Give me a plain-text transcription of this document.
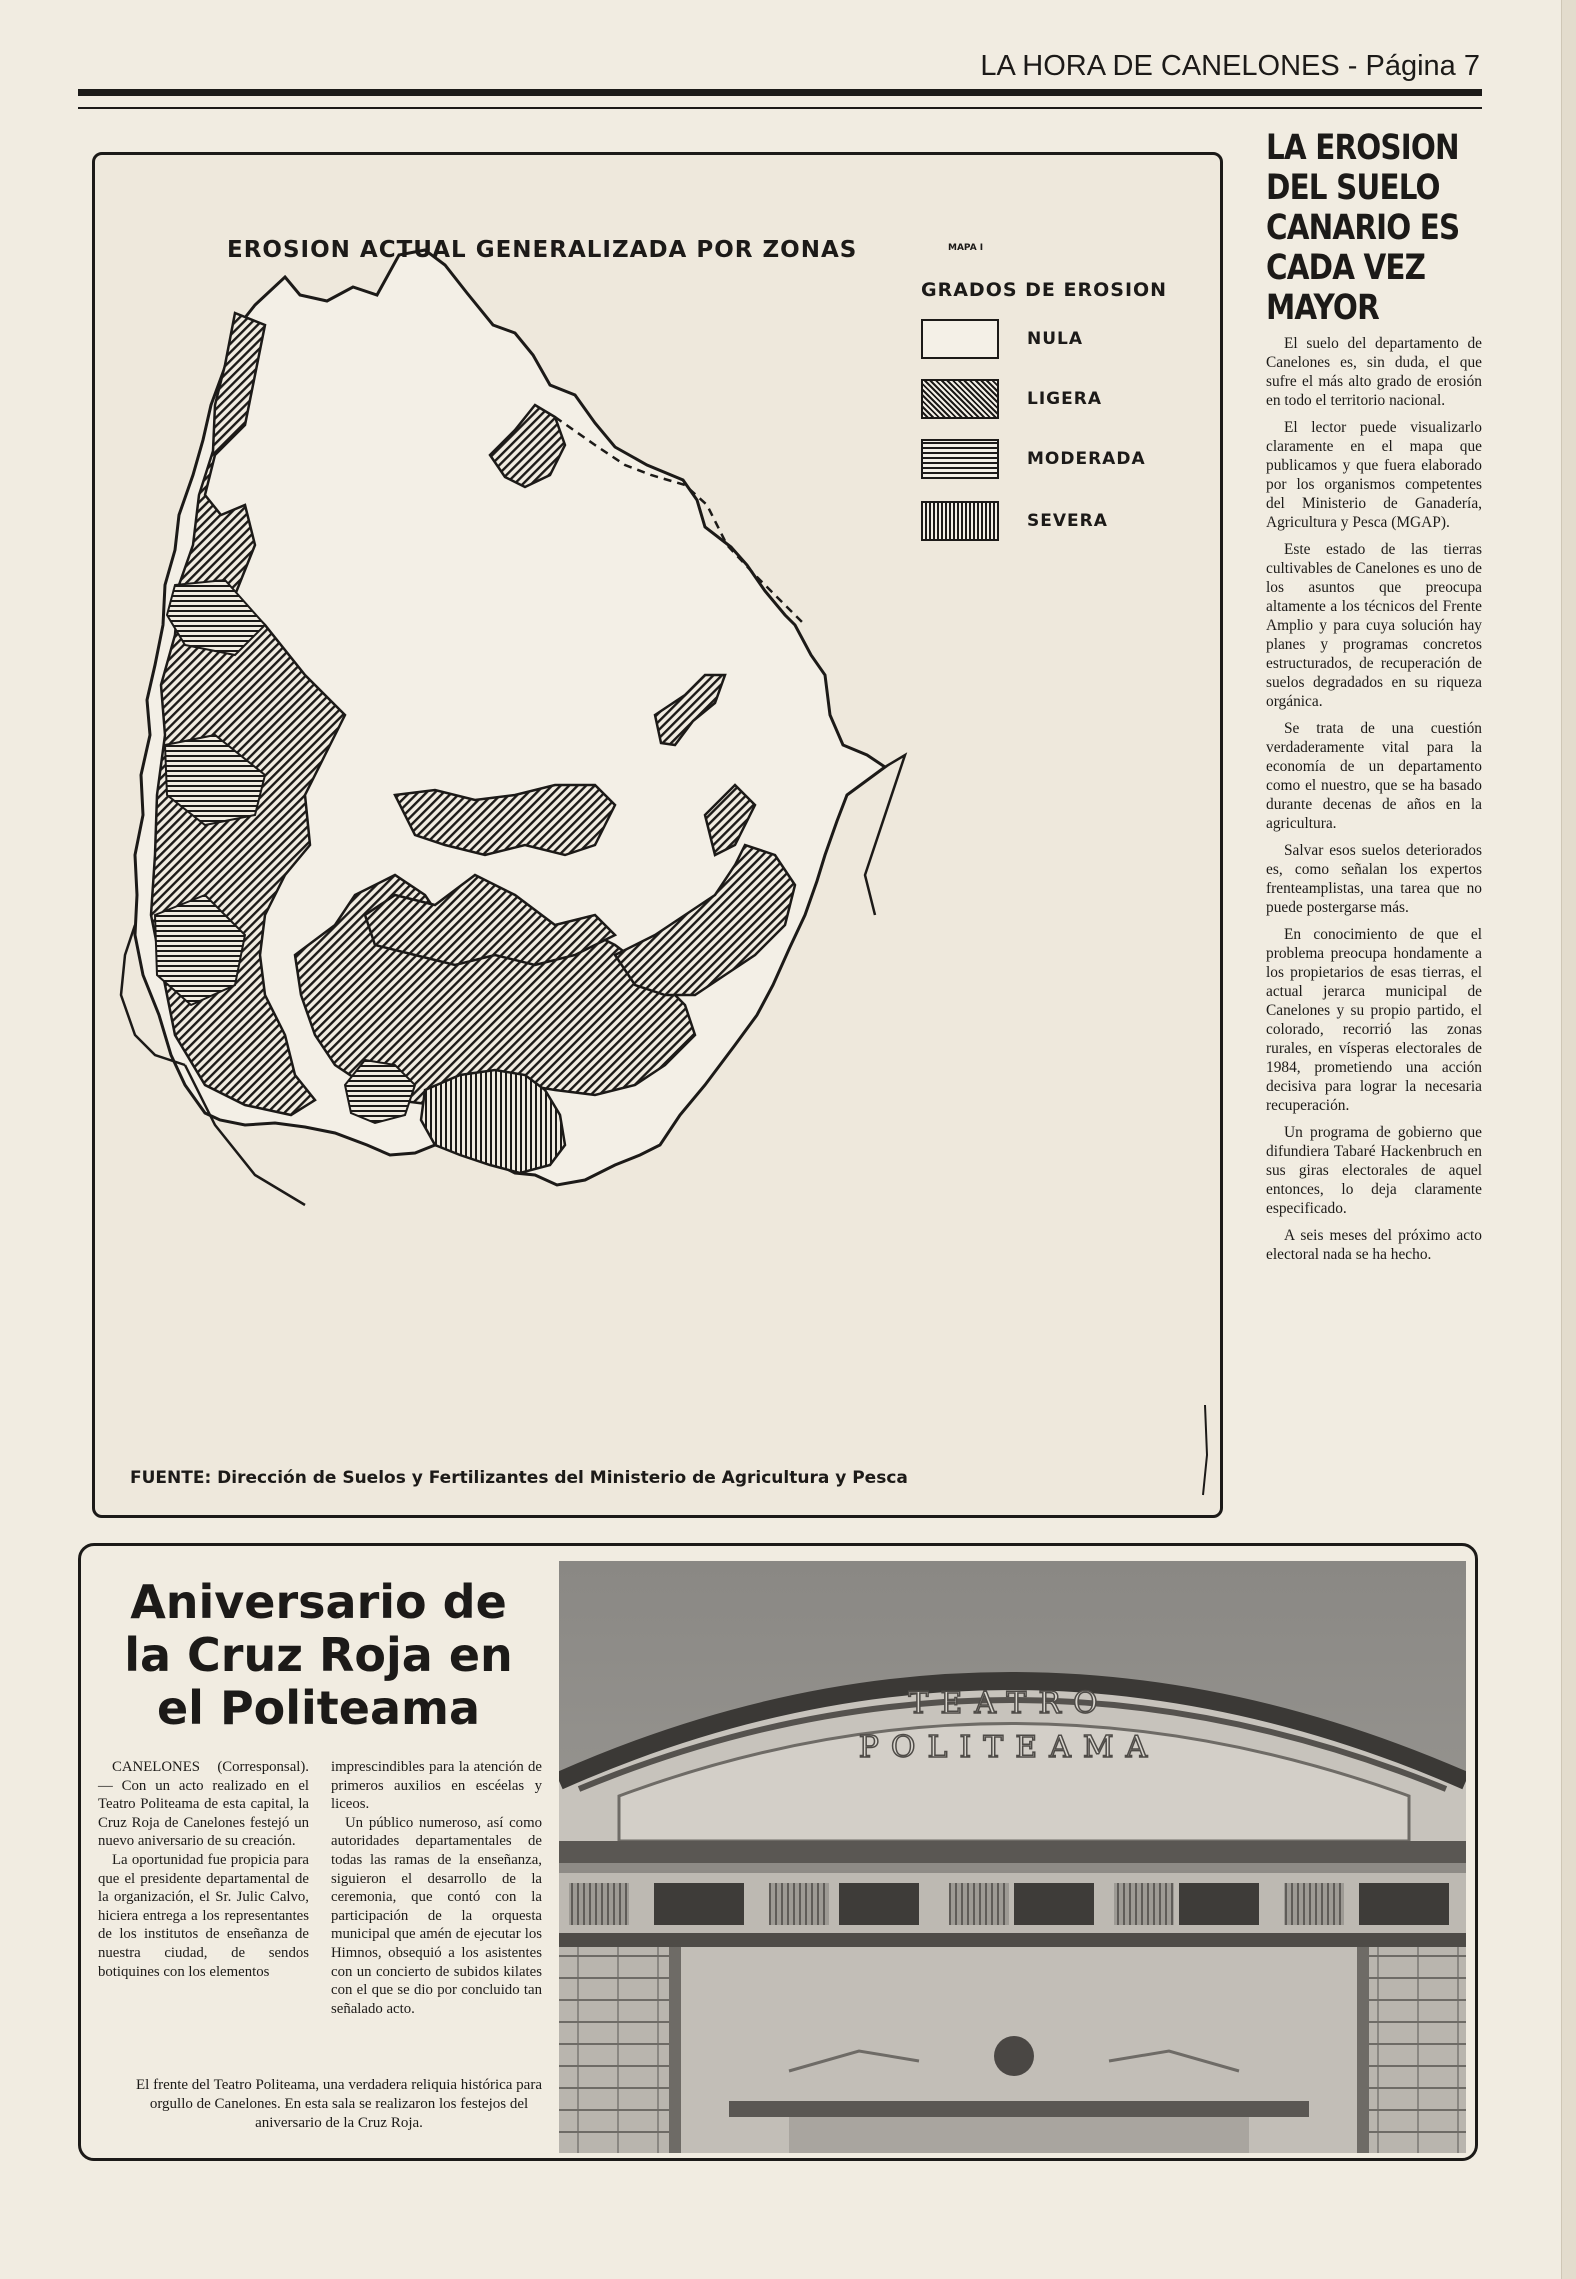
LA HORA DE CANELONES - Página 7
EROSION ACTUAL GENERALIZADA POR ZONAS	MAPA I
GRADOS DE EROSION
NULA
LIGERA
MODERADA
SEVERA
FUENTE: Dirección de Suelos y Fertilizantes del Ministerio de Agricultura y Pesca
LA EROSION DEL SUELO CANARIO ES CADA VEZ MAYOR

El suelo del departamento de Canelones es, sin duda, el que sufre el más alto grado de erosión en todo el territorio nacional.

El lector puede visualizarlo claramente en el mapa que publicamos y que fuera elaborado por los organismos competentes del Ministerio de Ganadería, Agricultura y Pesca (MGAP).

Este estado de las tierras cultivables de Canelones es uno de los asuntos que preocupa altamente a los técnicos del Frente Amplio y para cuya solución hay planes y programas concretos estructurados, de recuperación de suelos degradados en su riqueza orgánica.

Se trata de una cuestión verdaderamente vital para la economía de un departamento como el nuestro, que se ha basado durante decenas de años en la agricultura.

Salvar esos suelos deteriorados es, como señalan los expertos frenteamplistas, una tarea que no puede postergarse más.

En conocimiento de que el problema preocupa hondamente a los propietarios de esas tierras, el actual jerarca municipal de Canelones y su propio partido, el colorado, recorrió las zonas rurales, en vísperas electorales de 1984, prometiendo una acción decisiva para lograr la necesaria recuperación.

Un programa de gobierno que difundiera Tabaré Hackenbruch en sus giras electorales de aquel entonces, lo deja claramente especificado.

A seis meses del próximo acto electoral nada se ha hecho.

Aniversario de
la Cruz Roja en
el Politeama

CANELONES (Corresponsal).— Con un acto realizado en el Teatro Politeama de esta capital, la Cruz Roja de Canelones festejó un nuevo aniversario de su creación.

La oportunidad fue propicia para que el presidente departamental de la organización, el Sr. Julic Calvo, hiciera entrega a los representantes de los institutos de enseñanza de nuestra ciudad, de sendos botiquines con los elementos

imprescindibles para la atención de primeros auxilios en escéelas y liceos.

Un público numeroso, así como autoridades departamentales de todas las ramas de la enseñanza, siguieron el desarrollo de la ceremonia, que contó con la participación de la orquesta municipal que amén de ejecutar los Himnos, obsequió a los asistentes con un concierto de subidos kilates con el que se dio por concluido tan señalado acto.

El frente del Teatro Politeama, una verdadera reliquia histórica para orgullo de Canelones. En esta sala se realizaron los festejos del aniversario de la Cruz Roja.
TEATRO
POLITEAMA
